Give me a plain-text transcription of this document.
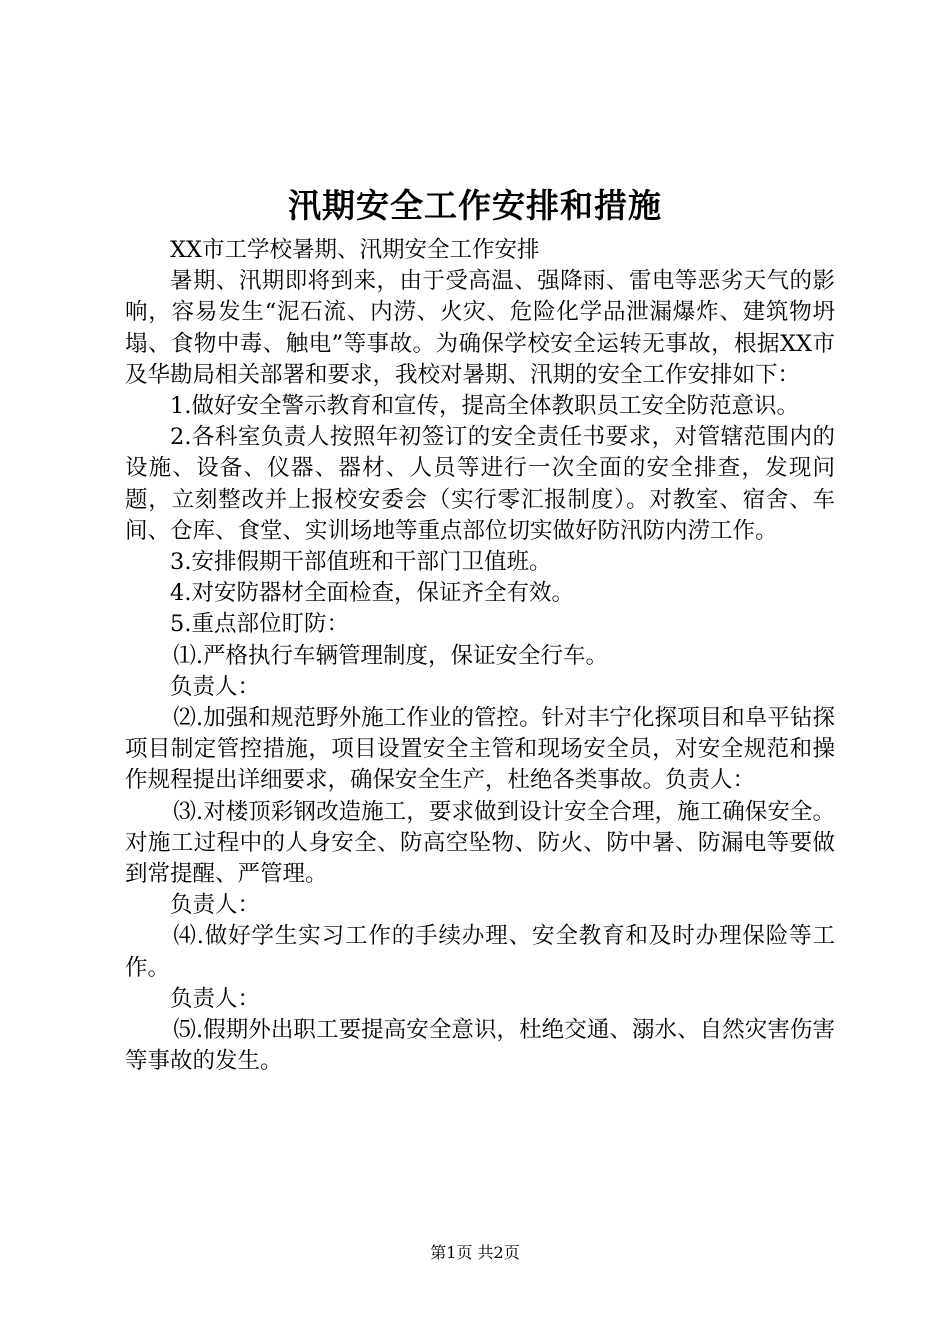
汛期安全工作安排和措施

XX市工学校暑期、汛期安全工作安排

暑期、汛期即将到来，由于受高温、强降雨、雷电等恶劣天气的影响，容易发生“泥石流、内涝、火灾、危险化学品泄漏爆炸、建筑物坍塌、食物中毒、触电”等事故。为确保学校安全运转无事故，根据XX市及华勘局相关部署和要求，我校对暑期、汛期的安全工作安排如下：

1.做好安全警示教育和宣传，提高全体教职员工安全防范意识。

2.各科室负责人按照年初签订的安全责任书要求，对管辖范围内的设施、设备、仪器、器材、人员等进行一次全面的安全排查，发现问题，立刻整改并上报校安委会（实行零汇报制度）。对教室、宿舍、车间、仓库、食堂、实训场地等重点部位切实做好防汛防内涝工作。

3.安排假期干部值班和干部门卫值班。

4.对安防器材全面检查，保证齐全有效。

5.重点部位盯防：

⑴.严格执行车辆管理制度，保证安全行车。

负责人：

⑵.加强和规范野外施工作业的管控。针对丰宁化探项目和阜平钻探项目制定管控措施，项目设置安全主管和现场安全员，对安全规范和操作规程提出详细要求，确保安全生产，杜绝各类事故。负责人：

⑶.对楼顶彩钢改造施工，要求做到设计安全合理，施工确保安全。对施工过程中的人身安全、防高空坠物、防火、防中暑、防漏电等要做到常提醒、严管理。

负责人：

⑷.做好学生实习工作的手续办理、安全教育和及时办理保险等工作。

负责人：

⑸.假期外出职工要提高安全意识，杜绝交通、溺水、自然灾害伤害等事故的发生。

第1页 共2页
